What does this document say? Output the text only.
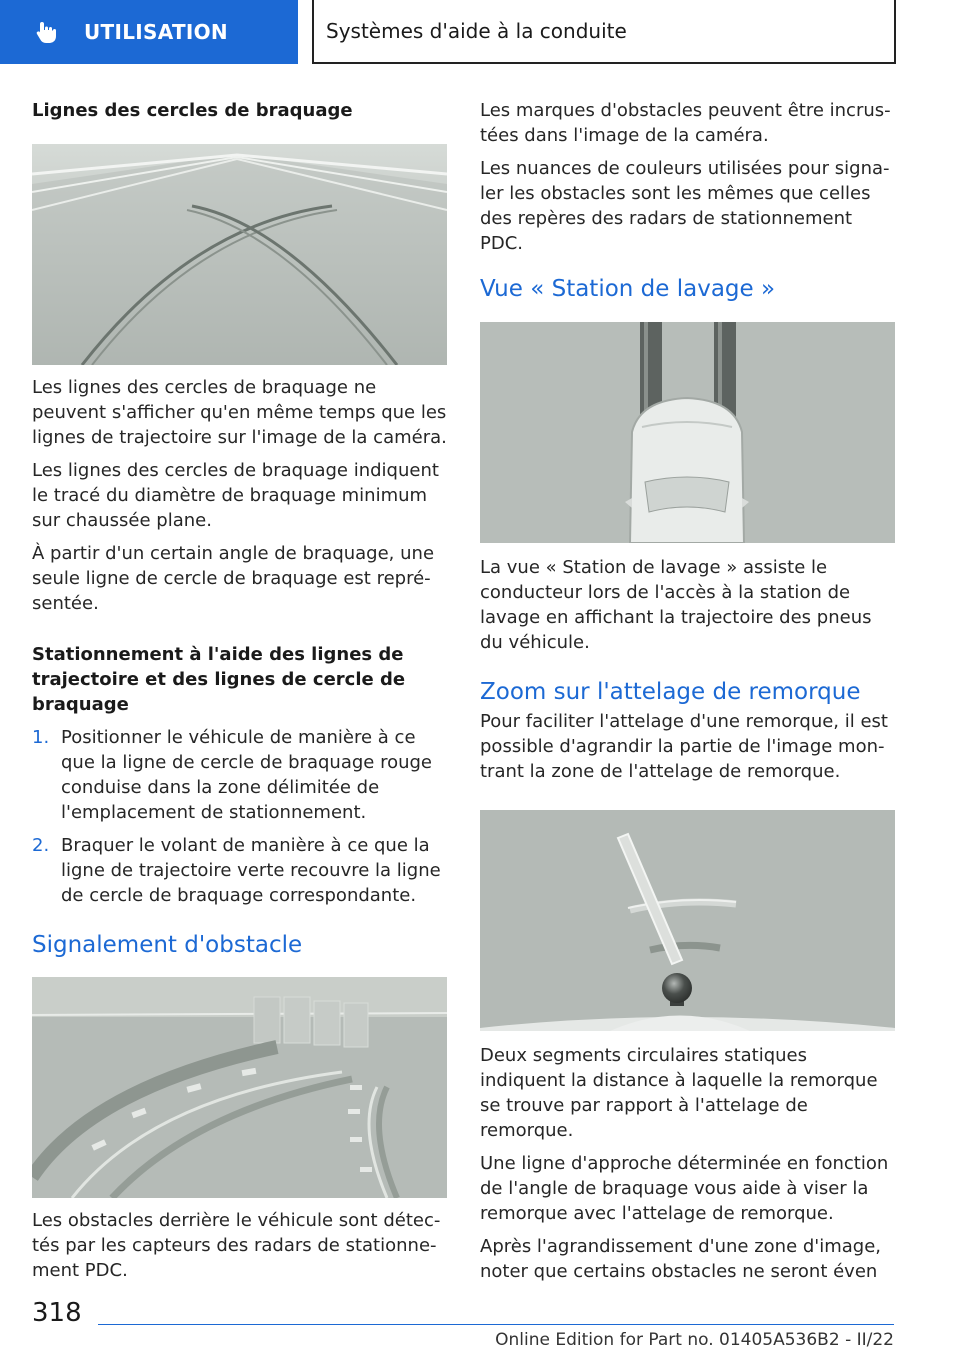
UTILISATION	Systèmes d'aide à la conduite
Lignes des cercles de braquage

Les lignes des cercles de braquage ne peuvent s'afficher qu'en même temps que les lignes de trajectoire sur l'image de la caméra.

Les lignes des cercles de braquage indiquent le tracé du diamètre de braquage minimum sur chaussée plane.

À partir d'un certain angle de braquage, une seule ligne de cercle de braquage est représentée.

Stationnement à l'aide des lignes de trajectoire et des lignes de cercle de braquage
1. Positionner le véhicule de manière à ce que la ligne de cercle de braquage rouge conduise dans la zone délimitée de l'emplacement de stationnement.
2. Braquer le volant de manière à ce que la ligne de trajectoire verte recouvre la ligne de cercle de braquage correspondante.
Signalement d'obstacle

Les obstacles derrière le véhicule sont détectés par les capteurs des radars de stationnement PDC.

Les marques d'obstacles peuvent être incrustées dans l'image de la caméra.

Les nuances de couleurs utilisées pour signaler les obstacles sont les mêmes que celles des repères des radars de stationnement PDC.

Vue « Station de lavage »

La vue « Station de lavage » assiste le conducteur lors de l'accès à la station de lavage en affichant la trajectoire des pneus du véhicule.

Zoom sur l'attelage de remorque

Pour faciliter l'attelage d'une remorque, il est possible d'agrandir la partie de l'image montrant la zone de l'attelage de remorque.

Deux segments circulaires statiques indiquent la distance à laquelle la remorque se trouve par rapport à l'attelage de remorque.

Une ligne d'approche déterminée en fonction de l'angle de braquage vous aide à viser la remorque avec l'attelage de remorque.

Après l'agrandissement d'une zone d'image, noter que certains obstacles ne seront éven

318
Online Edition for Part no. 01405A536B2 - II/22
